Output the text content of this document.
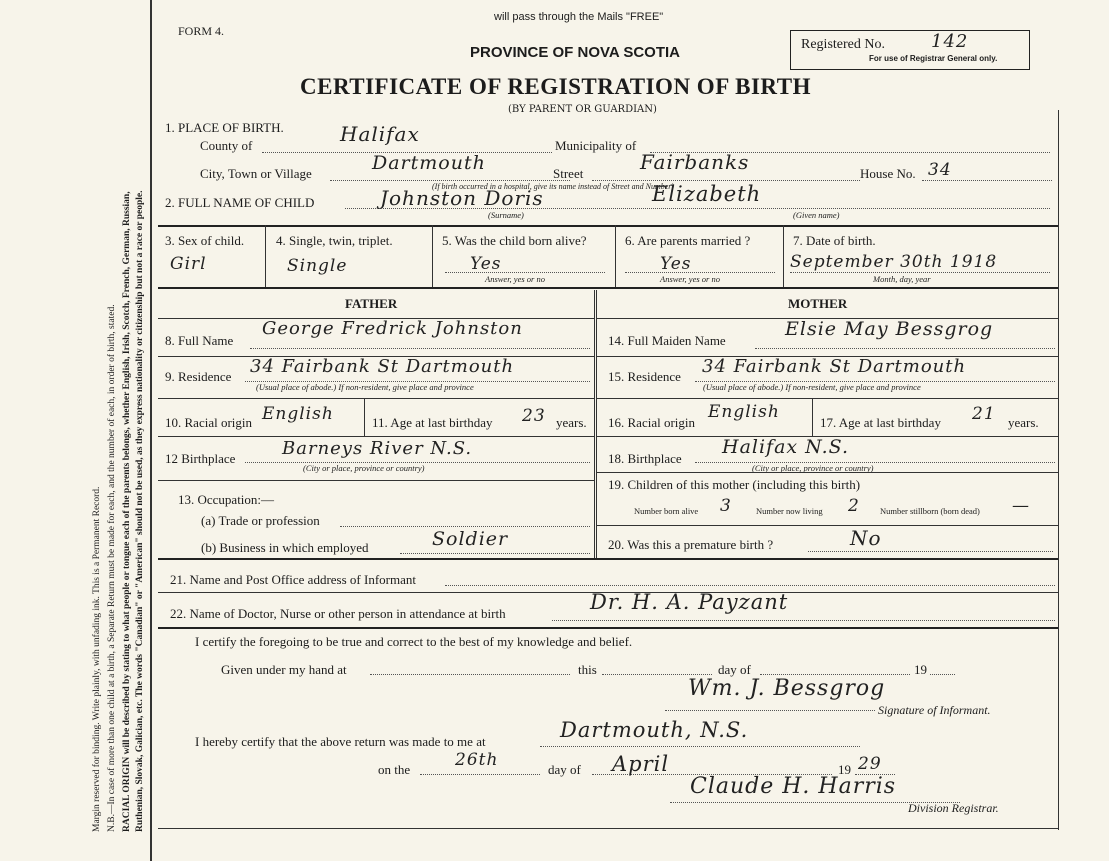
Margin reserved for binding. Write plainly, with unfading ink. This is a Permanent Record. N.B.—In case of more than one child at a birth, a Separate Return must be made for each, and the number of each, in order of birth, stated. RACIAL ORIGIN will be described by stating to what people or tongue each of the parents belongs, whether English, Irish, Scotch, French, German, Russian, Ruthenian, Slovak, Galician, etc. The words "Canadian" or "American" should not be used, as they express nationality or citizenship but not a race or people.
will pass through the Mails "FREE"
FORM 4.
PROVINCE OF NOVA SCOTIA
CERTIFICATE OF REGISTRATION OF BIRTH
(BY PARENT OR GUARDIAN)
Registered No.	142
For use of Registrar General only.
1. PLACE OF BIRTH.
County of	Halifax	Municipality of
City, Town or Village	Dartmouth	Street	Fairbanks	House No. 34
(If birth occurred in a hospital, give its name instead of Street and Number)
2. FULL NAME OF CHILD	Johnston Doris	Elizabeth
(Surname)	(Given name)
3. Sex of child.
Girl
4. Single, twin, triplet.
Single
5. Was the child born alive?
Yes
Answer, yes or no
6. Are parents married ?
Yes
Answer, yes or no
7. Date of birth.
September 30th 1918
Month, day, year
FATHER	MOTHER
8. Full Name
George Fredrick Johnston
9. Residence 34 Fairbank St Dartmouth
(Usual place of abode.) If non-resident, give place and province
10. Racial origin English	11. Age at last birthday 23 years.
12 Birthplace	Barneys River N.S.
(City or place, province or country)
13. Occupation:—
(a) Trade or profession
(b) Business in which employed	Soldier
14. Full Maiden Name
Elsie May Bessgrog
15. Residence 34 Fairbank St Dartmouth
(Usual place of abode.) If non-resident, give place and province
16. Racial origin
English
17. Age at last birthday 21 years.
18. Birthplace
Halifax N.S.
(City or place, province or country)
19. Children of this mother (including this birth)
Number born alive 3	Number now living 2 Number stillborn (born dead) —
20. Was this a premature birth ?	No
21. Name and Post Office address of Informant
22. Name of Doctor, Nurse or other person in attendance at birth	Dr. H. A. Payzant
I certify the foregoing to be true and correct to the best of my knowledge and belief.
Given under my hand at	this	day of	19
Wm. J. Bessgrog
Signature of Informant.
I hereby certify that the above return was made to me at	Dartmouth, N.S.
on the	26th	day of April	19 29
Claude H. Harris
Division Registrar.
